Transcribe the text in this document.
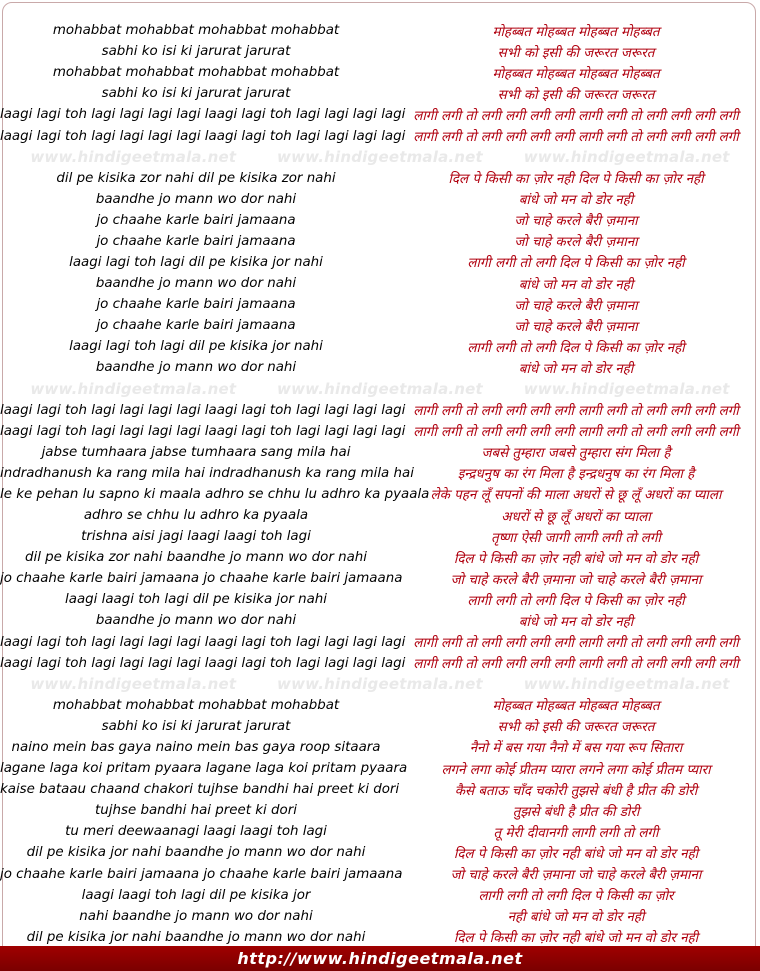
mohabbat mohabbat mohabbat mohabbat	मोहब्बत मोहब्बत मोहब्बत मोहब्बत
sabhi ko isi ki jarurat jarurat	सभी को इसी की जरूरत जरूरत
mohabbat mohabbat mohabbat mohabbat	मोहब्बत मोहब्बत मोहब्बत मोहब्बत
sabhi ko isi ki jarurat jarurat	सभी को इसी की जरूरत जरूरत
laagi lagi toh lagi lagi lagi lagi laagi lagi toh lagi lagi lagi lagi लागी लगी तो लगी लगी लगी लगी लागी लगी तो लगी लगी लगी लगी
laagi lagi toh lagi lagi lagi lagi laagi lagi toh lagi lagi lagi lagi लागी लगी तो लगी लगी लगी लगी लागी लगी तो लगी लगी लगी लगी
www.hindigeetmala.net	www.hindigeetmala.net	www.hindigeetmala.net
dil pe kisika zor nahi dil pe kisika zor nahi	दिल पे किसी का ज़ोर नही दिल पे किसी का ज़ोर नही
baandhe jo mann wo dor nahi	बांधे जो मन वो डोर नही
jo chaahe karle bairi jamaana	जो चाहे करले बैरी ज़माना
jo chaahe karle bairi jamaana	जो चाहे करले बैरी ज़माना
laagi lagi toh lagi dil pe kisika jor nahi	लागी लगी तो लगी दिल पे किसी का ज़ोर नही
baandhe jo mann wo dor nahi	बांधे जो मन वो डोर नही
jo chaahe karle bairi jamaana	जो चाहे करले बैरी ज़माना
jo chaahe karle bairi jamaana	जो चाहे करले बैरी ज़माना
laagi lagi toh lagi dil pe kisika jor nahi	लागी लगी तो लगी दिल पे किसी का ज़ोर नही
baandhe jo mann wo dor nahi	बांधे जो मन वो डोर नही
www.hindigeetmala.net	www.hindigeetmala.net	www.hindigeetmala.net
laagi lagi toh lagi lagi lagi lagi laagi lagi toh lagi lagi lagi lagi लागी लगी तो लगी लगी लगी लगी लागी लगी तो लगी लगी लगी लगी
laagi lagi toh lagi lagi lagi lagi laagi lagi toh lagi lagi lagi lagi लागी लगी तो लगी लगी लगी लगी लागी लगी तो लगी लगी लगी लगी
jabse tumhaara jabse tumhaara sang mila hai	जबसे तुम्हारा जबसे तुम्हारा संग मिला है
indradhanush ka rang mila hai indradhanush ka rang mila hai	इन्द्रधनुष का रंग मिला है इन्द्रधनुष का रंग मिला है
le ke pehan lu sapno ki maala adhro se chhu lu adhro ka pyaala लेके पहन लूँ सपनों की माला अधरों से छू लूँ अधरों का प्याला
adhro se chhu lu adhro ka pyaala	अधरों से छू लूँ अधरों का प्याला
trishna aisi jagi laagi laagi toh lagi	तृष्णा ऐसी जागी लागी लगी तो लगी
dil pe kisika zor nahi baandhe jo mann wo dor nahi	दिल पे किसी का ज़ोर नही बांधे जो मन वो डोर नही
jo chaahe karle bairi jamaana jo chaahe karle bairi jamaana	जो चाहे करले बैरी ज़माना जो चाहे करले बैरी ज़माना
laagi laagi toh lagi dil pe kisika jor nahi	लागी लगी तो लगी दिल पे किसी का ज़ोर नही
baandhe jo mann wo dor nahi	बांधे जो मन वो डोर नही
laagi lagi toh lagi lagi lagi lagi laagi lagi toh lagi lagi lagi lagi लागी लगी तो लगी लगी लगी लगी लागी लगी तो लगी लगी लगी लगी
laagi lagi toh lagi lagi lagi lagi laagi lagi toh lagi lagi lagi lagi लागी लगी तो लगी लगी लगी लगी लागी लगी तो लगी लगी लगी लगी
www.hindigeetmala.net	www.hindigeetmala.net	www.hindigeetmala.net
mohabbat mohabbat mohabbat mohabbat	मोहब्बत मोहब्बत मोहब्बत मोहब्बत
sabhi ko isi ki jarurat jarurat	सभी को इसी की जरूरत जरूरत
naino mein bas gaya naino mein bas gaya roop sitaara	नैनो में बस गया नैनो में बस गया रूप सितारा
lagane laga koi pritam pyaara lagane laga koi pritam pyaara	लगने लगा कोई प्रीतम प्यारा लगने लगा कोई प्रीतम प्यारा
kaise bataau chaand chakori tujhse bandhi hai preet ki dori	कैसे बताऊ चाँद चकोरी तुझसे बंधी है प्रीत की डोरी
tujhse bandhi hai preet ki dori	तुझसे बंधी है प्रीत की डोरी
tu meri deewaanagi laagi laagi toh lagi	तू मेरी दीवानगी लागी लगी तो लगी
dil pe kisika jor nahi baandhe jo mann wo dor nahi	दिल पे किसी का ज़ोर नही बांधे जो मन वो डोर नही
jo chaahe karle bairi jamaana jo chaahe karle bairi jamaana	जो चाहे करले बैरी ज़माना जो चाहे करले बैरी ज़माना
laagi laagi toh lagi dil pe kisika jor	लागी लगी तो लगी दिल पे किसी का ज़ोर
nahi baandhe jo mann wo dor nahi	नही बांधे जो मन वो डोर नही
dil pe kisika jor nahi baandhe jo mann wo dor nahi	दिल पे किसी का ज़ोर नही बांधे जो मन वो डोर नही
http://www.hindigeetmala.net
